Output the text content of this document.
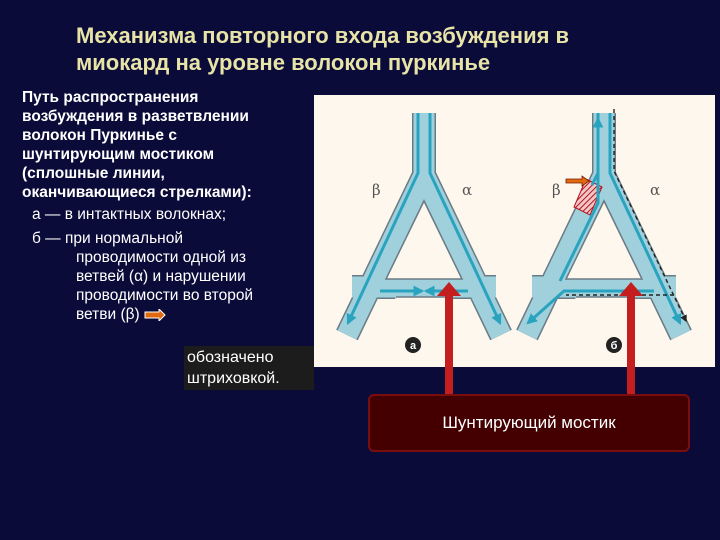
Механизма повторного входа возбуждения в
миокард на уровне волокон пуркинье
Путь распространения
возбуждения в разветвлении
волокон Пуркинье с
шунтирующим мостиком
(сплошные линии,
оканчивающиеся стрелками):
а — в интактных волокнах;
б — при нормальной
проводимости одной из
ветвей (α) и нарушении
проводимости во второй
ветви (β)
обозначено
штриховкой.
β	α
а
β	α
б
Шунтирующий мостик
